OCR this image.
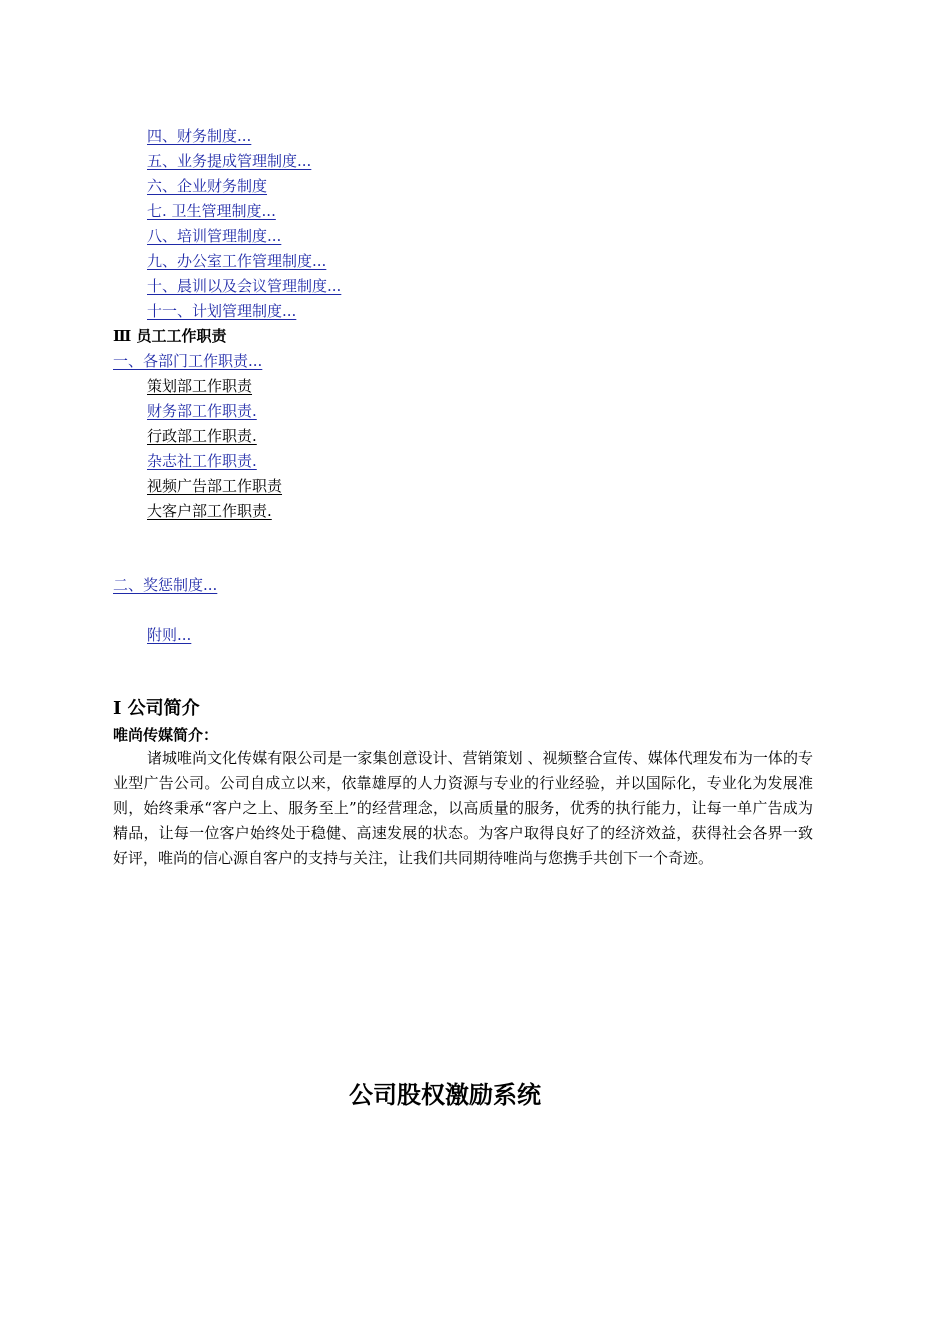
四、财务制度...
五、业务提成管理制度...
六、企业财务制度
七. 卫生管理制度...
八、培训管理制度...
九、办公室工作管理制度...
十、晨训以及会议管理制度...
十一、计划管理制度...
Ⅲ 员工工作职责
一、各部门工作职责...
策划部工作职责
财务部工作职责.
行政部工作职责.
杂志社工作职责.
视频广告部工作职责
大客户部工作职责.
二、奖惩制度...
附则...
I 公司简介
唯尚传媒简介：
诸城唯尚文化传媒有限公司是一家集创意设计、营销策划 、视频整合宣传、媒体代理发布为一体的专业型广告公司。公司自成立以来，依靠雄厚的人力资源与专业的行业经验，并以国际化，专业化为发展准则，始终秉承“客户之上、服务至上”的经营理念，以高质量的服务，优秀的执行能力，让每一单广告成为精品，让每一位客户始终处于稳健、高速发展的状态。为客户取得良好了的经济效益，获得社会各界一致好评，唯尚的信心源自客户的支持与关注，让我们共同期待唯尚与您携手共创下一个奇迹。
公司股权激励系统
